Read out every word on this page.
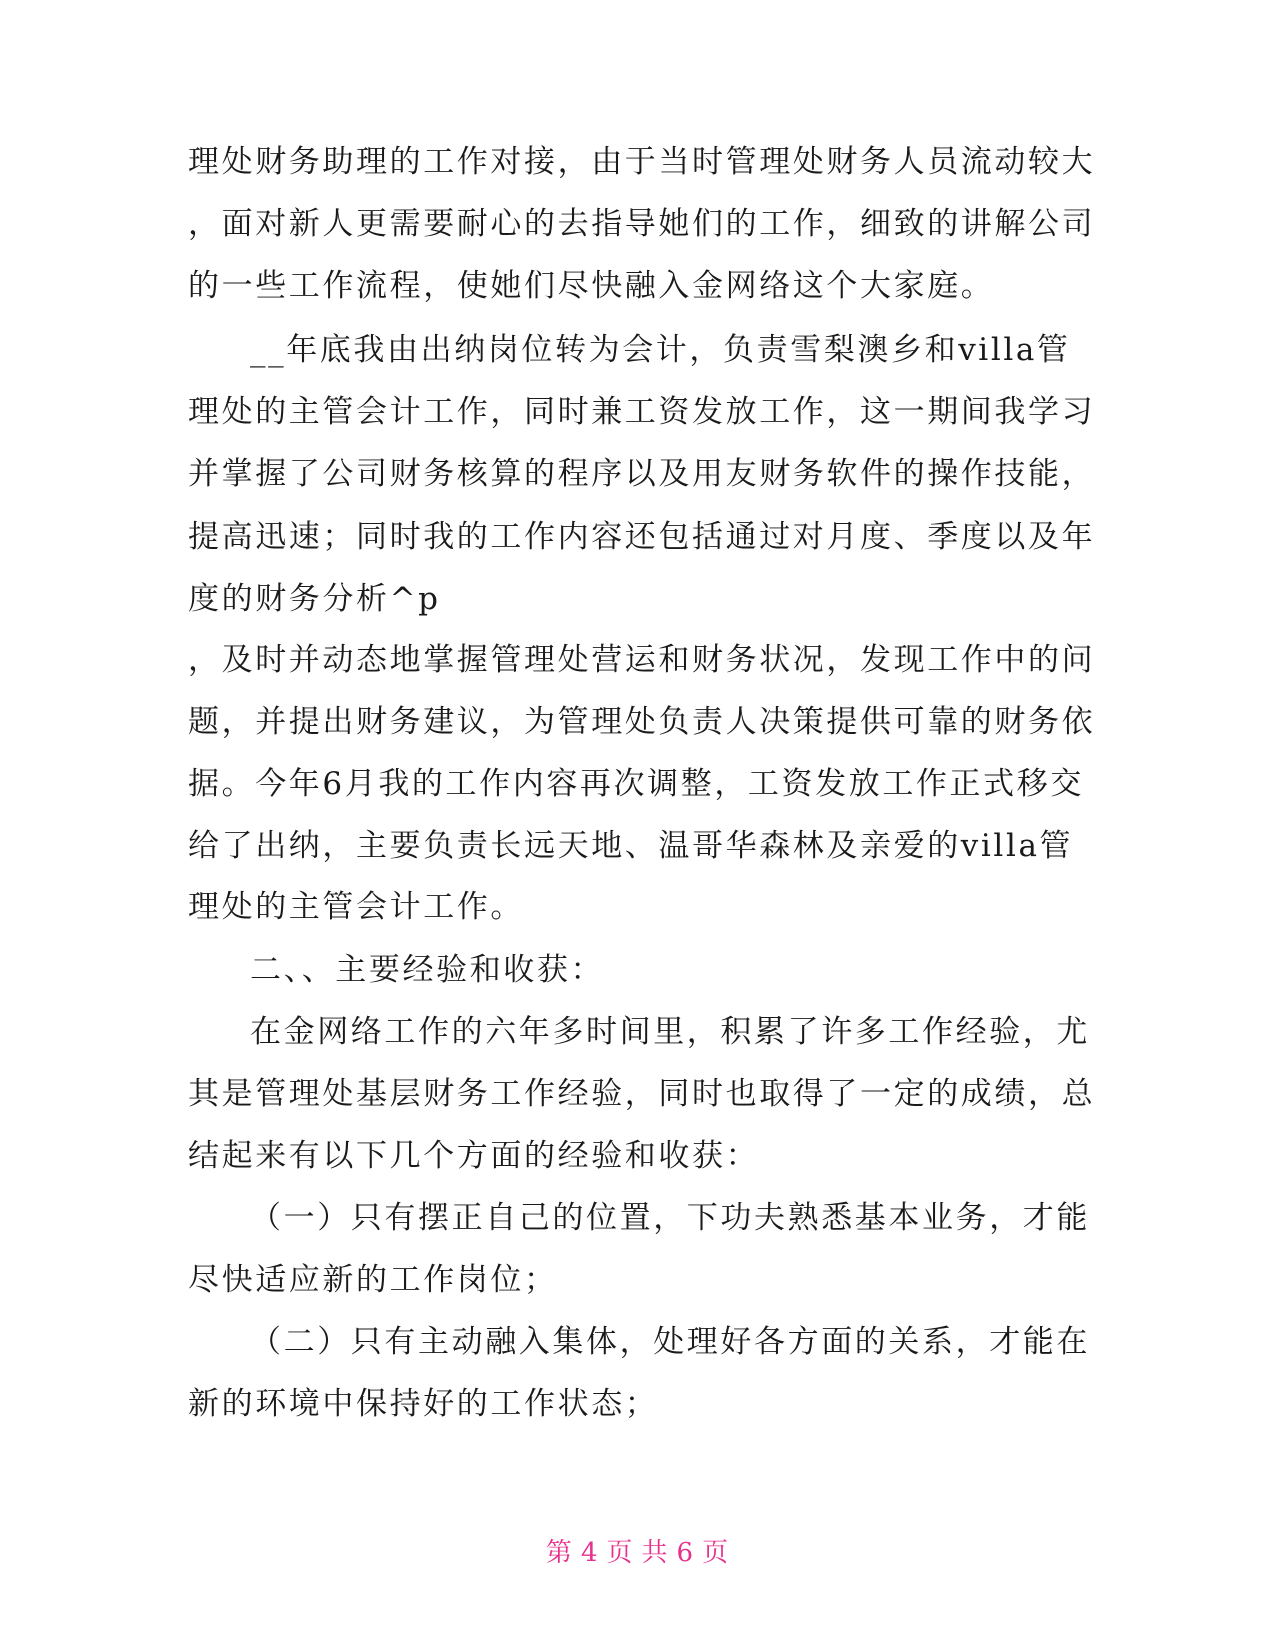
理处财务助理的工作对接，由于当时管理处财务人员流动较大
，面对新人更需要耐心的去指导她们的工作，细致的讲解公司
的一些工作流程，使她们尽快融入金网络这个大家庭。
__年底我由出纳岗位转为会计，负责雪梨澳乡和villa管
理处的主管会计工作，同时兼工资发放工作，这一期间我学习
并掌握了公司财务核算的程序以及用友财务软件的操作技能，
提高迅速；同时我的工作内容还包括通过对月度、季度以及年
度的财务分析^p
，及时并动态地掌握管理处营运和财务状况，发现工作中的问
题，并提出财务建议，为管理处负责人决策提供可靠的财务依
据。今年6月我的工作内容再次调整，工资发放工作正式移交
给了出纳，主要负责长远天地、温哥华森林及亲爱的villa管
理处的主管会计工作。
二、、主要经验和收获：
在金网络工作的六年多时间里，积累了许多工作经验，尤
其是管理处基层财务工作经验，同时也取得了一定的成绩，总
结起来有以下几个方面的经验和收获：
（一）只有摆正自己的位置，下功夫熟悉基本业务，才能
尽快适应新的工作岗位；
（二）只有主动融入集体，处理好各方面的关系，才能在
新的环境中保持好的工作状态；
第 4 页 共 6 页
